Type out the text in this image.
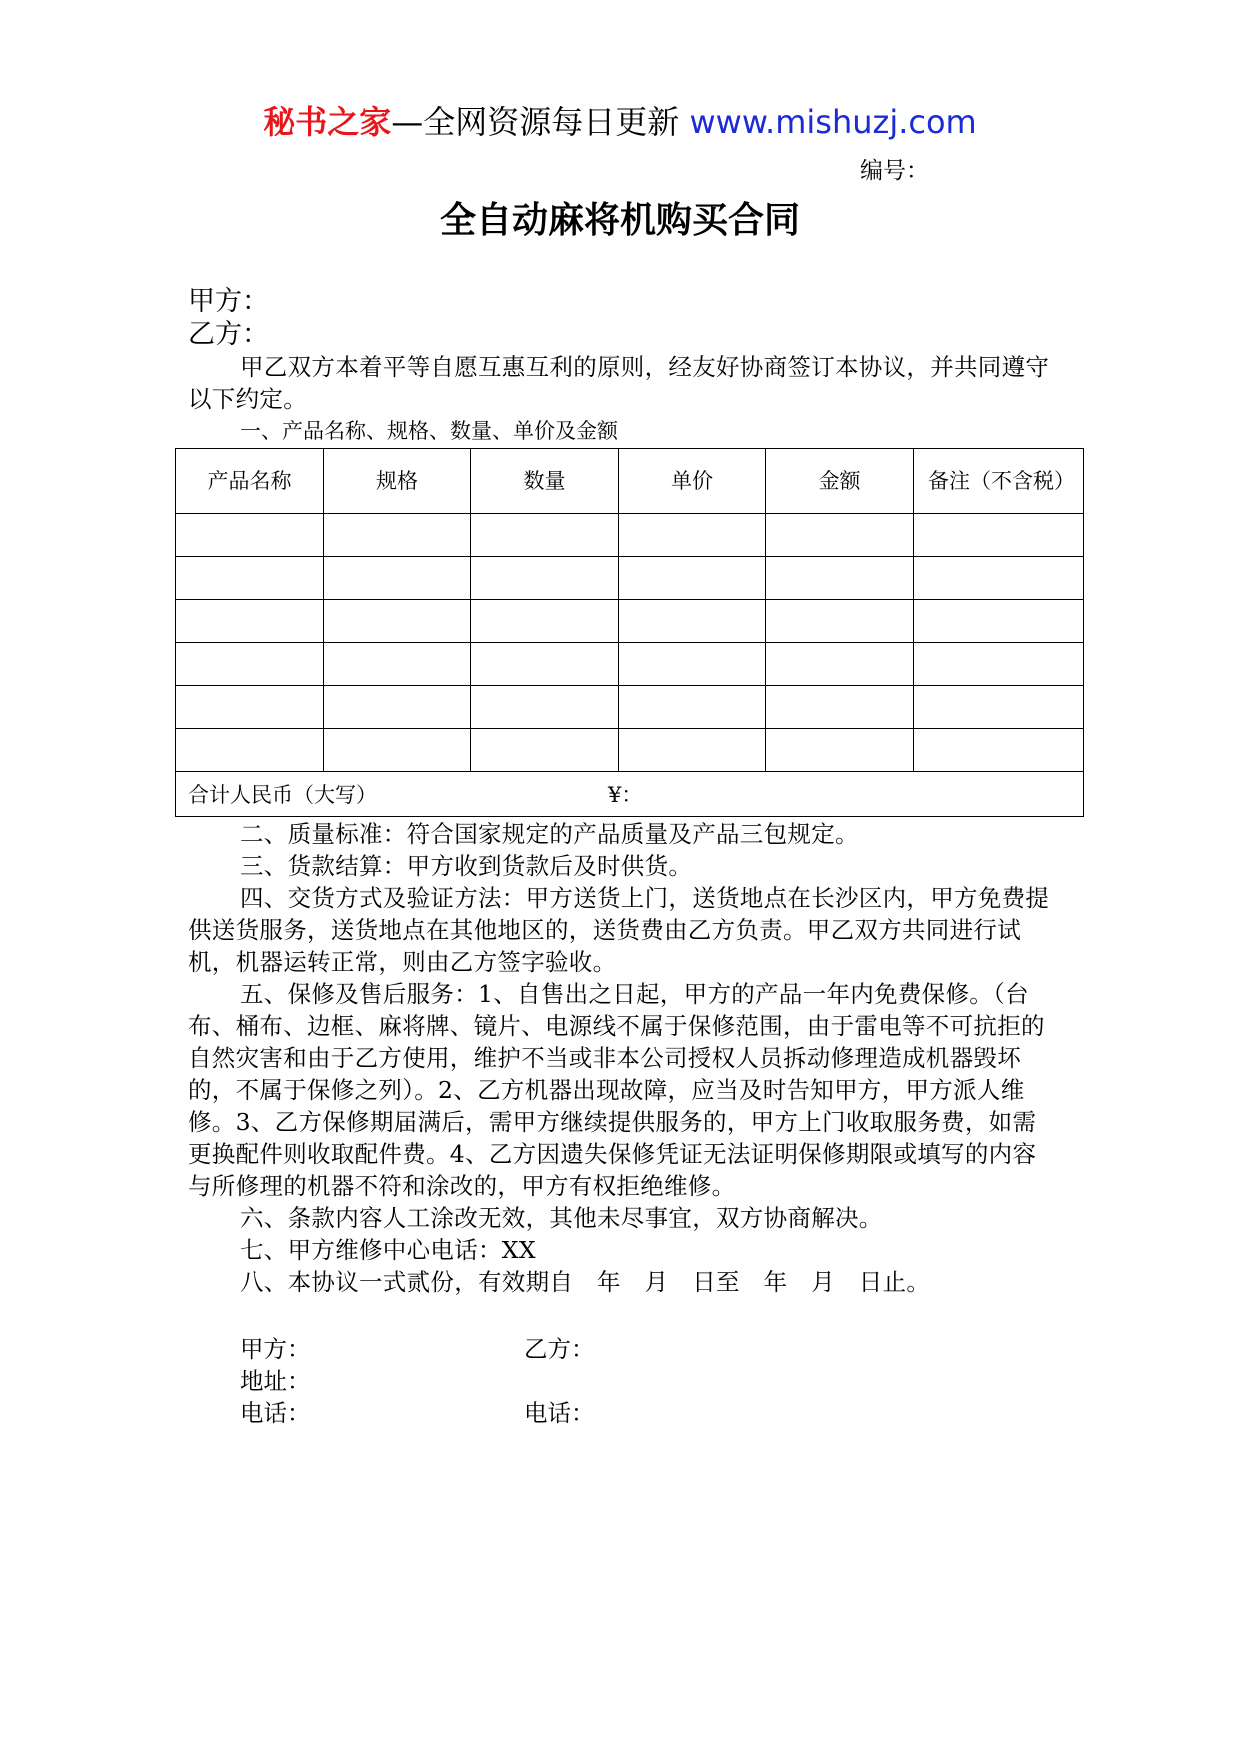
秘书之家—全网资源每日更新 www.mishuzj.com
编号：
全自动麻将机购买合同
甲方：
乙方：
甲乙双方本着平等自愿互惠互利的原则，经友好协商签订本协议，并共同遵守以下约定。
一、产品名称、规格、数量、单价及金额
产品名称	规格	数量	单价	金额	备注（不含税）

合计人民币（大写） ¥：					
二、质量标准：符合国家规定的产品质量及产品三包规定。
三、货款结算：甲方收到货款后及时供货。
四、交货方式及验证方法：甲方送货上门，送货地点在长沙区内，甲方免费提供送货服务，送货地点在其他地区的，送货费由乙方负责。甲乙双方共同进行试机，机器运转正常，则由乙方签字验收。
五、保修及售后服务：1、自售出之日起，甲方的产品一年内免费保修。（台布、桶布、边框、麻将牌、镜片、电源线不属于保修范围，由于雷电等不可抗拒的自然灾害和由于乙方使用，维护不当或非本公司授权人员拆动修理造成机器毁坏的，不属于保修之列）。2、乙方机器出现故障，应当及时告知甲方，甲方派人维修。3、乙方保修期届满后，需甲方继续提供服务的，甲方上门收取服务费，如需更换配件则收取配件费。4、乙方因遗失保修凭证无法证明保修期限或填写的内容与所修理的机器不符和涂改的，甲方有权拒绝维修。
六、条款内容人工涂改无效，其他未尽事宜，双方协商解决。
七、甲方维修中心电话：XX
八、本协议一式贰份，有效期自　年　月　日至　年　月　日止。
甲方：	乙方：
地址：
电话：	电话：
